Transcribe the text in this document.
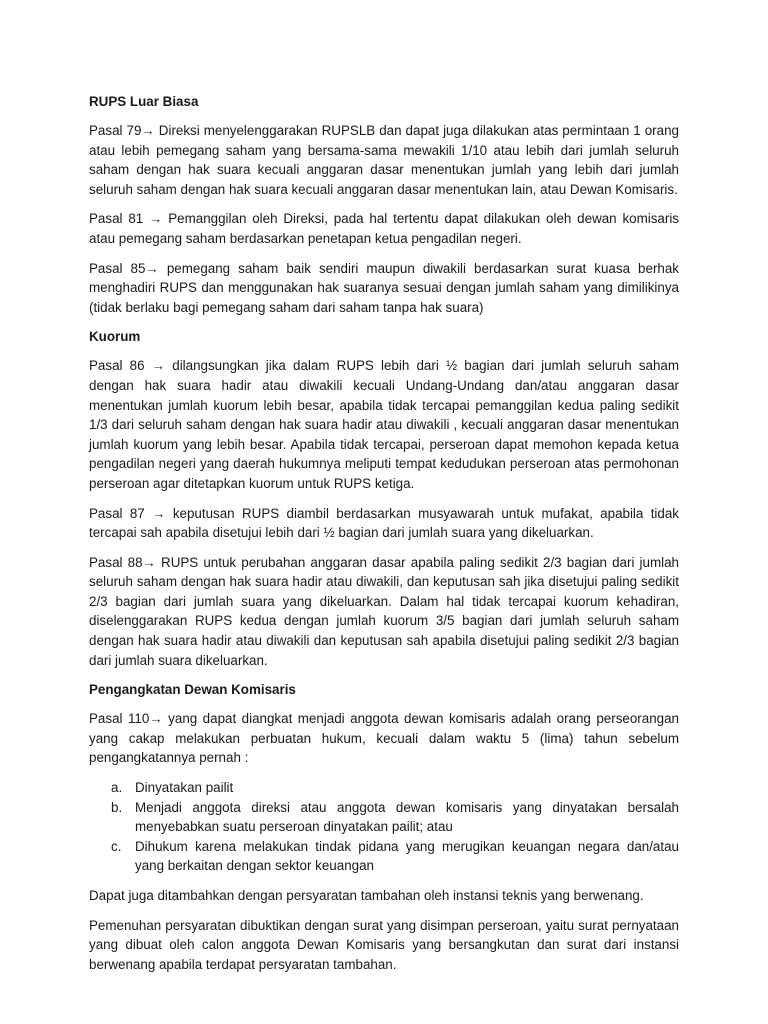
RUPS Luar Biasa

Pasal 79→ Direksi menyelenggarakan RUPSLB dan dapat juga dilakukan atas permintaan 1 orang atau lebih pemegang saham yang bersama-sama mewakili 1/10 atau lebih dari jumlah seluruh saham dengan hak suara kecuali anggaran dasar menentukan jumlah yang lebih dari jumlah seluruh saham dengan hak suara kecuali anggaran dasar menentukan lain, atau Dewan Komisaris.

Pasal 81 → Pemanggilan oleh Direksi, pada hal tertentu dapat dilakukan oleh dewan komisaris atau pemegang saham berdasarkan penetapan ketua pengadilan negeri.

Pasal 85→ pemegang saham baik sendiri maupun diwakili berdasarkan surat kuasa berhak menghadiri RUPS dan menggunakan hak suaranya sesuai dengan jumlah saham yang dimilikinya (tidak berlaku bagi pemegang saham dari saham tanpa hak suara)

Kuorum

Pasal 86 → dilangsungkan jika dalam RUPS lebih dari ½ bagian dari jumlah seluruh saham dengan hak suara hadir atau diwakili kecuali Undang-Undang dan/atau anggaran dasar menentukan jumlah kuorum lebih besar, apabila tidak tercapai pemanggilan kedua paling sedikit 1/3 dari seluruh saham dengan hak suara hadir atau diwakili , kecuali anggaran dasar menentukan jumlah kuorum yang lebih besar. Apabila tidak tercapai, perseroan dapat memohon kepada ketua pengadilan negeri yang daerah hukumnya meliputi tempat kedudukan perseroan atas permohonan perseroan agar ditetapkan kuorum untuk RUPS ketiga.

Pasal 87 → keputusan RUPS diambil berdasarkan musyawarah untuk mufakat, apabila tidak tercapai sah apabila disetujui lebih dari ½ bagian dari jumlah suara yang dikeluarkan.

Pasal 88→ RUPS untuk perubahan anggaran dasar apabila paling sedikit 2/3 bagian dari jumlah seluruh saham dengan hak suara hadir atau diwakili, dan keputusan sah jika disetujui paling sedikit 2/3 bagian dari jumlah suara yang dikeluarkan. Dalam hal tidak tercapai kuorum kehadiran, diselenggarakan RUPS kedua dengan jumlah kuorum 3/5 bagian dari jumlah seluruh saham dengan hak suara hadir atau diwakili dan keputusan sah apabila disetujui paling sedikit 2/3 bagian dari jumlah suara dikeluarkan.

Pengangkatan Dewan Komisaris

Pasal 110→ yang dapat diangkat menjadi anggota dewan komisaris adalah orang perseorangan yang cakap melakukan perbuatan hukum, kecuali dalam waktu 5 (lima) tahun sebelum pengangkatannya pernah :

a. Dinyatakan pailit
b. Menjadi anggota direksi atau anggota dewan komisaris yang dinyatakan bersalah menyebabkan suatu perseroan dinyatakan pailit; atau
c. Dihukum karena melakukan tindak pidana yang merugikan keuangan negara dan/atau yang berkaitan dengan sektor keuangan

Dapat juga ditambahkan dengan persyaratan tambahan oleh instansi teknis yang berwenang.

Pemenuhan persyaratan dibuktikan dengan surat yang disimpan perseroan, yaitu surat pernyataan yang dibuat oleh calon anggota Dewan Komisaris yang bersangkutan dan surat dari instansi berwenang apabila terdapat persyaratan tambahan.
